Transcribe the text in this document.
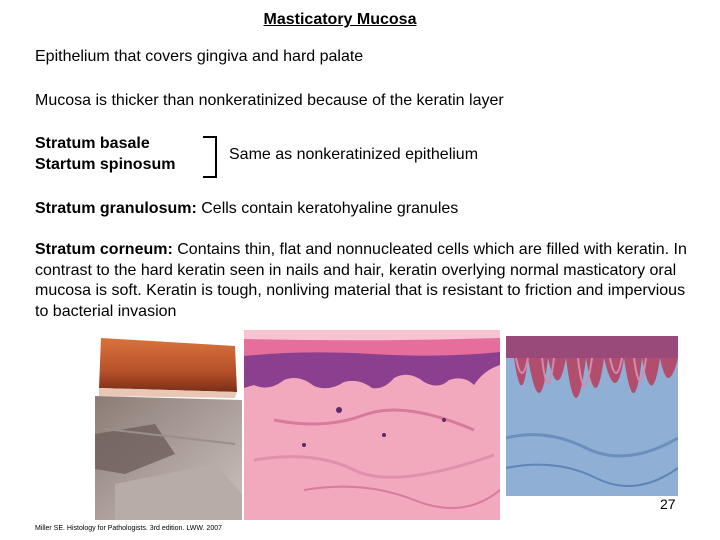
Masticatory Mucosa
Epithelium that covers gingiva and hard palate
Mucosa is thicker than nonkeratinized because of the keratin layer
Stratum basale
Startum spinosum
Same as nonkeratinized epithelium
Stratum granulosum: Cells contain keratohyaline granules
Stratum corneum: Contains thin, flat and nonnucleated cells which are filled with keratin. In contrast to the hard keratin seen in nails and hair, keratin overlying normal masticatory oral mucosa is soft. Keratin is tough, nonliving material that is resistant to friction and impervious to bacterial invasion
27
Miller SE. Histology for Pathologists. 3rd edition. LWW. 2007
